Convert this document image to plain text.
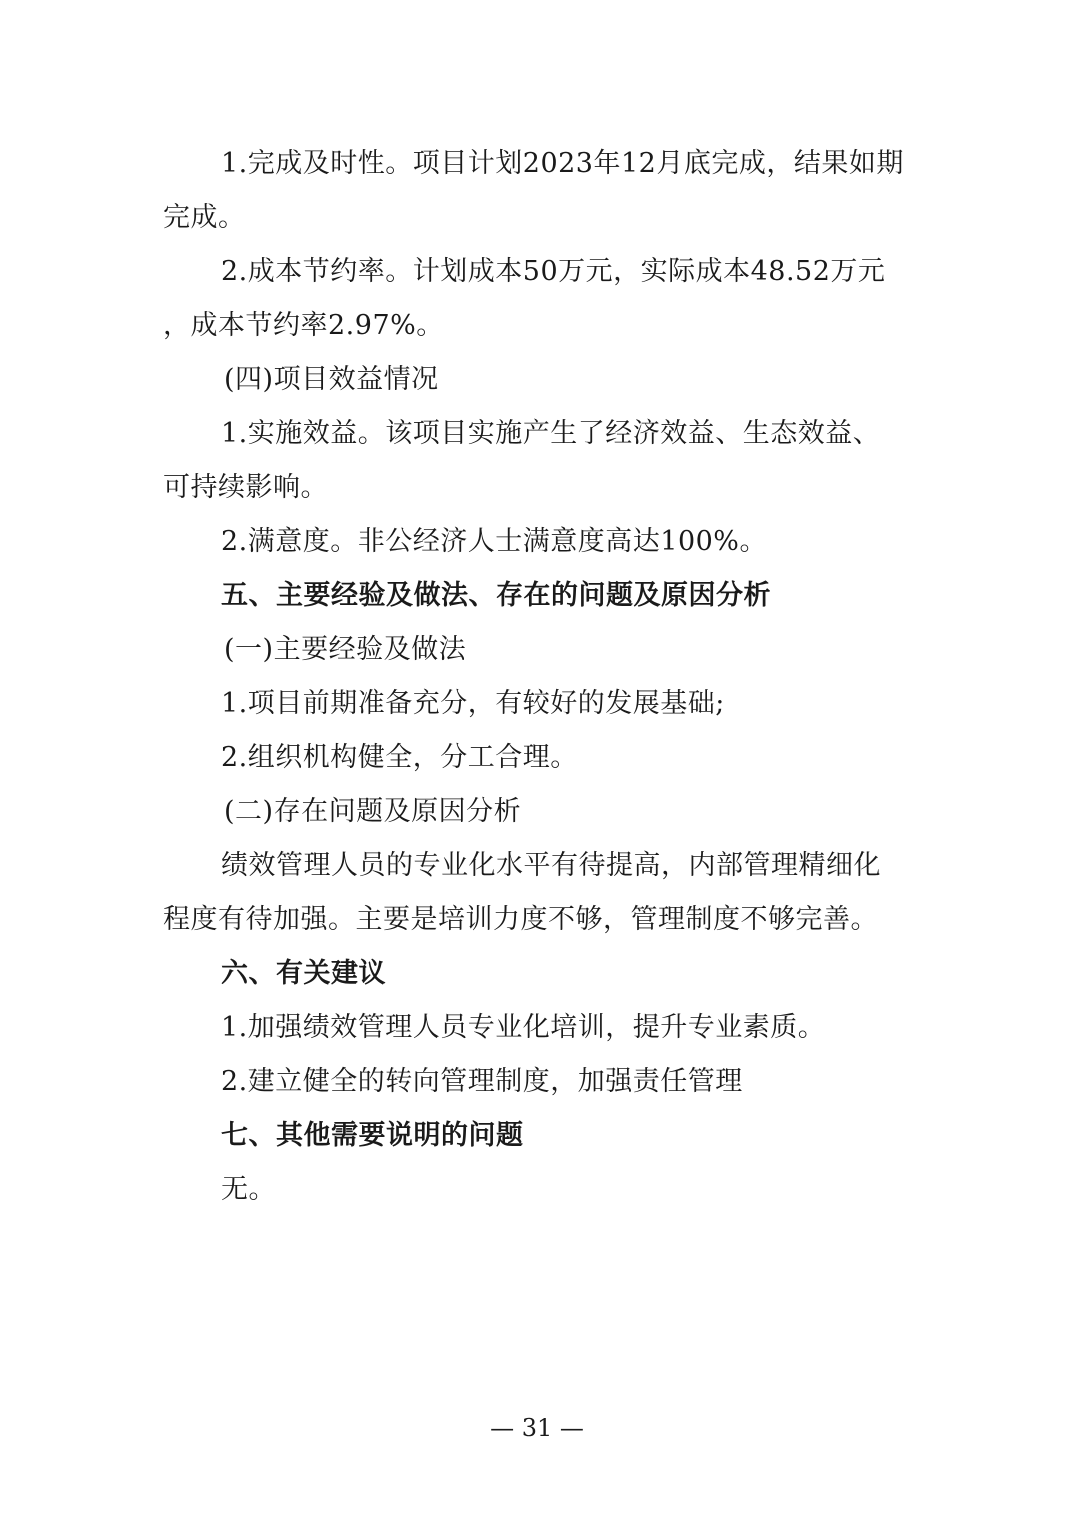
1.完成及时性。项目计划2023年12月底完成，结果如期
完成。
2.成本节约率。计划成本50万元，实际成本48.52万元
，成本节约率2.97%。
(四)项目效益情况
1.实施效益。该项目实施产生了经济效益、生态效益、
可持续影响。
2.满意度。非公经济人士满意度高达100%。
五、主要经验及做法、存在的问题及原因分析
(一)主要经验及做法
1.项目前期准备充分，有较好的发展基础;
2.组织机构健全，分工合理。
(二)存在问题及原因分析
绩效管理人员的专业化水平有待提高，内部管理精细化
程度有待加强。主要是培训力度不够，管理制度不够完善。
六、有关建议
1.加强绩效管理人员专业化培训，提升专业素质。
2.建立健全的转向管理制度，加强责任管理
七、其他需要说明的问题
无。
— 31 —
